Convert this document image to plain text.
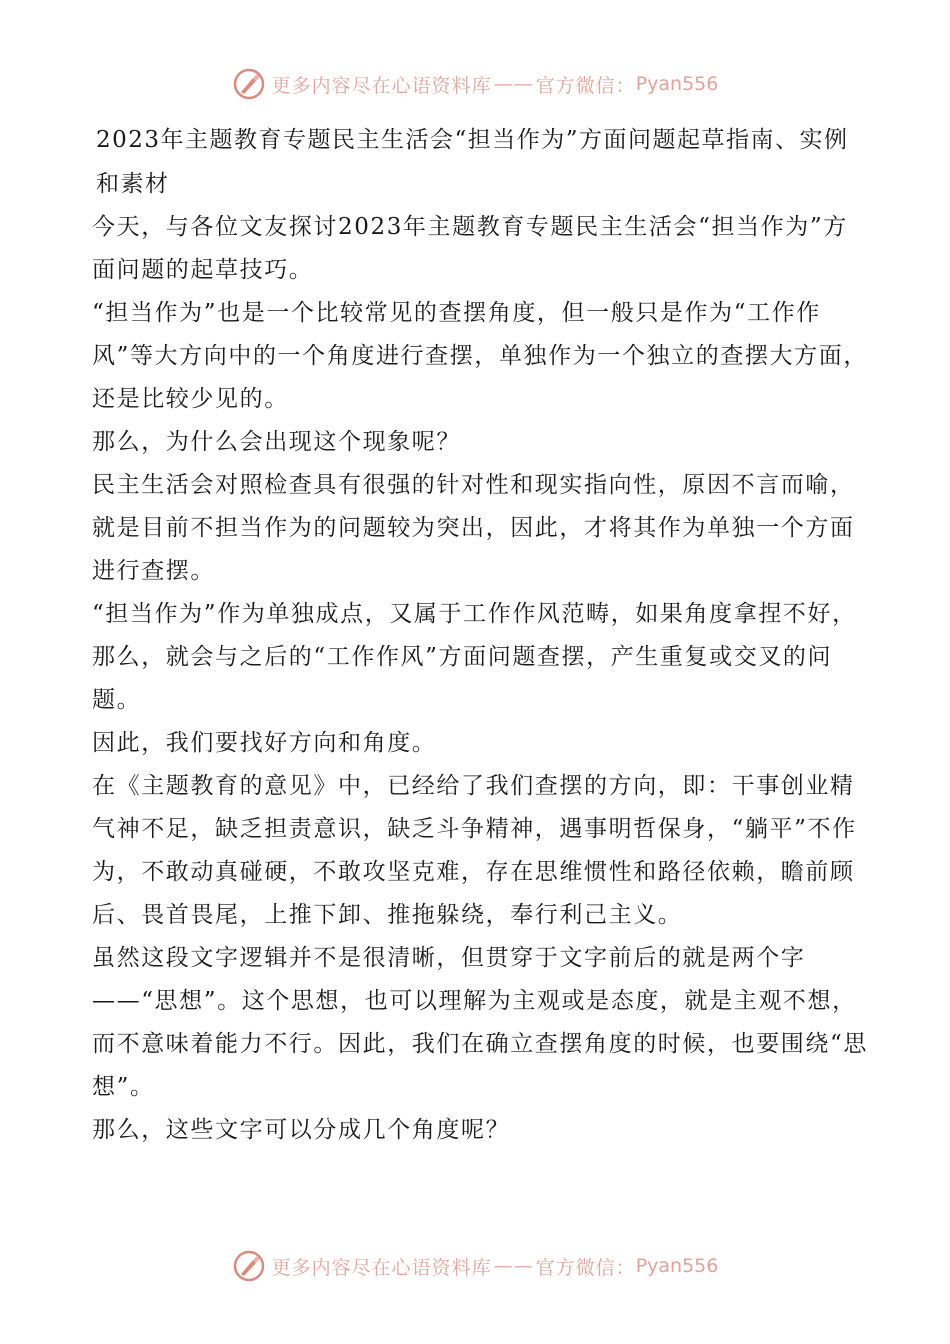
更多内容尽在心语资料库 —— 官方微信： Pyan556
2023年主题教育专题民主生活会“担当作为”方面问题起草指南、实例和素材

今天，与各位文友探讨2023年主题教育专题民主生活会“担当作为”方面问题的起草技巧。

“担当作为”也是一个比较常见的查摆角度，但一般只是作为“工作作风”等大方向中的一个角度进行查摆，单独作为一个独立的查摆大方面，还是比较少见的。

那么，为什么会出现这个现象呢？

民主生活会对照检查具有很强的针对性和现实指向性，原因不言而喻，就是目前不担当作为的问题较为突出，因此，才将其作为单独一个方面进行查摆。

“担当作为”作为单独成点，又属于工作作风范畴，如果角度拿捏不好，那么，就会与之后的“工作作风”方面问题查摆，产生重复或交叉的问题。

因此，我们要找好方向和角度。

在《主题教育的意见》中，已经给了我们查摆的方向，即：干事创业精气神不足，缺乏担责意识，缺乏斗争精神，遇事明哲保身，“躺平”不作为，不敢动真碰硬，不敢攻坚克难，存在思维惯性和路径依赖，瞻前顾后、畏首畏尾，上推下卸、推拖躲绕，奉行利己主义。

虽然这段文字逻辑并不是很清晰，但贯穿于文字前后的就是两个字——“思想”。这个思想，也可以理解为主观或是态度，就是主观不想，而不意味着能力不行。因此，我们在确立查摆角度的时候，也要围绕“思想”。

那么，这些文字可以分成几个角度呢？

更多内容尽在心语资料库 —— 官方微信： Pyan556
